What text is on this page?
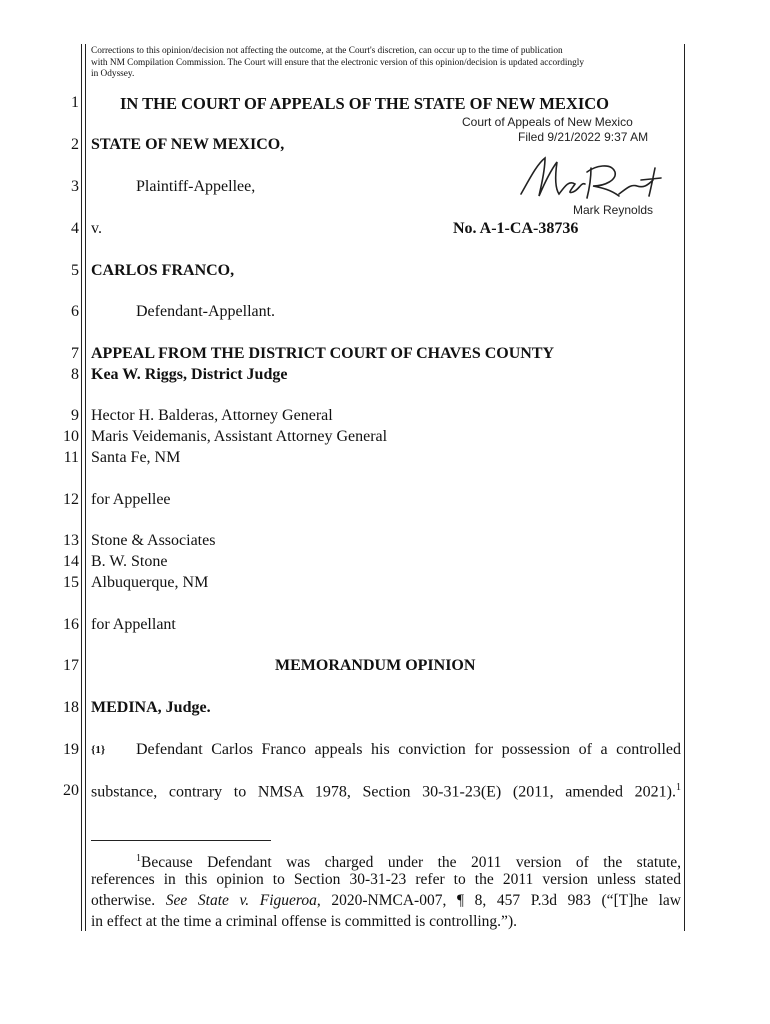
Corrections to this opinion/decision not affecting the outcome, at the Court's discretion, can occur up to the time of publication
with NM Compilation Commission. The Court will ensure that the electronic version of this opinion/decision is updated accordingly
in Odyssey.
1
2
3
4
5
6
7
8
9
10
11
12
13
14
15
16
17
18
19
20
IN THE COURT OF APPEALS OF THE STATE OF NEW MEXICO
Court of Appeals of New Mexico
Filed 9/21/2022 9:37 AM
Mark Reynolds
STATE OF NEW MEXICO,
Plaintiff-Appellee,
v.	No. A-1-CA-38736
CARLOS FRANCO,
Defendant-Appellant.
APPEAL FROM THE DISTRICT COURT OF CHAVES COUNTY
Kea W. Riggs, District Judge
Hector H. Balderas, Attorney General
Maris Veidemanis, Assistant Attorney General
Santa Fe, NM
for Appellee
Stone & Associates
B. W. Stone
Albuquerque, NM
for Appellant
MEMORANDUM OPINION
MEDINA, Judge.
{1} Defendant Carlos Franco appeals his conviction for possession of a controlled
substance, contrary to NMSA 1978, Section 30-31-23(E) (2011, amended 2021).$^1$
$^1$Because Defendant was charged under the 2011 version of the statute,
references in this opinion to Section 30-31-23 refer to the 2011 version unless stated
otherwise. See State v. Figueroa, 2020-NMCA-007, ¶ 8, 457 P.3d 983 (“[T]he law
in effect at the time a criminal offense is committed is controlling.”).
